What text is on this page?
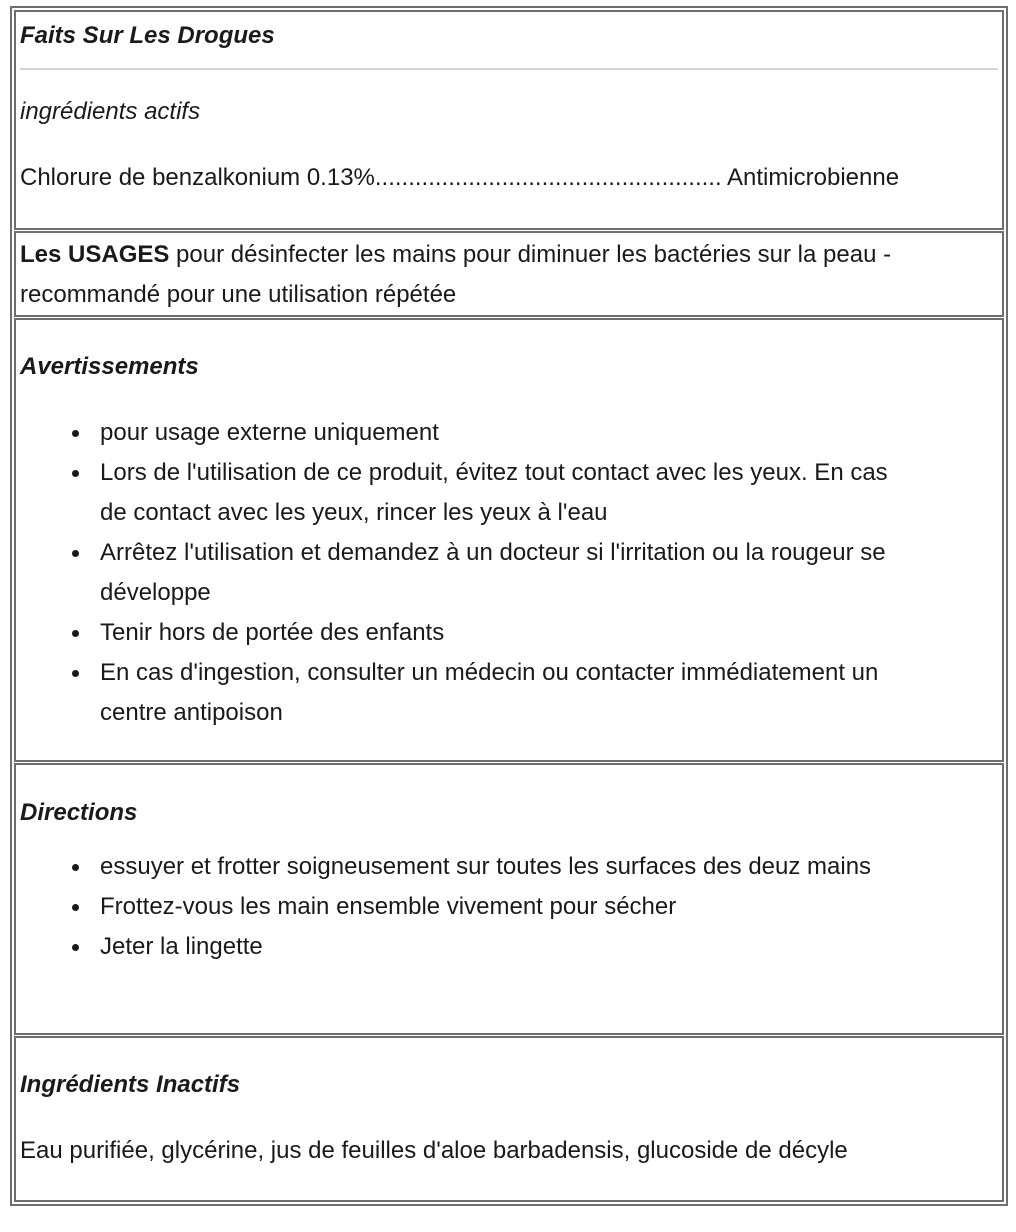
Faits Sur Les Drogues

ingrédients actifs

Chlorure de benzalkonium 0.13%.................................................... Antimicrobienne

Les USAGES pour désinfecter les mains pour diminuer les bactéries sur la peau - recommandé pour une utilisation répétée

Avertissements

pour usage externe uniquement
Lors de l'utilisation de ce produit, évitez tout contact avec les yeux. En cas de contact avec les yeux, rincer les yeux à l'eau
Arrêtez l'utilisation et demandez à un docteur si l'irritation ou la rougeur se développe
Tenir hors de portée des enfants
En cas d'ingestion, consulter un médecin ou contacter immédiatement un centre antipoison

Directions

essuyer et frotter soigneusement sur toutes les surfaces des deuz mains
Frottez-vous les main ensemble vivement pour sécher
Jeter la lingette

Ingrédients Inactifs

Eau purifiée, glycérine, jus de feuilles d'aloe barbadensis, glucoside de décyle
